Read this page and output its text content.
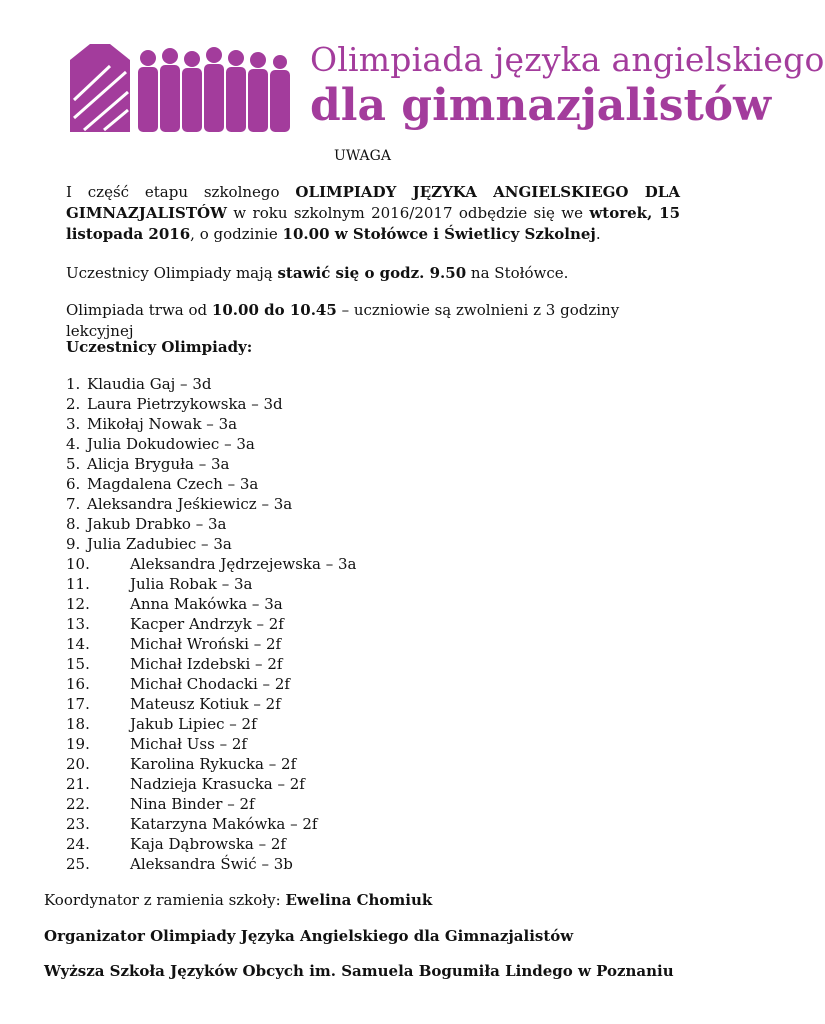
Olimpiada języka angielskiego
dla gimnazjalistów
UWAGA
I część etapu szkolnego OLIMPIADY JĘZYKA ANGIELSKIEGO DLA GIMNAZJALISTÓW w roku szkolnym 2016/2017 odbędzie się we wtorek, 15 listopada 2016, o godzinie 10.00 w Stołówce i Świetlicy Szkolnej.
Uczestnicy Olimpiady mają stawić się o godz. 9.50 na Stołówce.
Olimpiada trwa od 10.00 do 10.45 – uczniowie są zwolnieni z 3 godziny lekcyjnej
Uczestnicy Olimpiady:
1. Klaudia Gaj – 3d
2. Laura Pietrzykowska – 3d
3. Mikołaj Nowak – 3a
4. Julia Dokudowiec – 3a
5. Alicja Bryguła – 3a
6. Magdalena Czech – 3a
7. Aleksandra Jeśkiewicz – 3a
8. Jakub Drabko – 3a
9. Julia Zadubiec – 3a
10.	Aleksandra Jędrzejewska – 3a
11.	Julia Robak – 3a
12.	Anna Makówka – 3a
13.	Kacper Andrzyk – 2f
14.	Michał Wroński – 2f
15.	Michał Izdebski – 2f
16.	Michał Chodacki – 2f
17.	Mateusz Kotiuk – 2f
18.	Jakub Lipiec – 2f
19.	Michał Uss – 2f
20.	Karolina Rykucka – 2f
21.	Nadzieja Krasucka – 2f
22.	Nina Binder – 2f
23.	Katarzyna Makówka – 2f
24.	Kaja Dąbrowska – 2f
25.	Aleksandra Świć – 3b
Koordynator z ramienia szkoły: Ewelina Chomiuk
Organizator Olimpiady Języka Angielskiego dla Gimnazjalistów
Wyższa Szkoła Języków Obcych im. Samuela Bogumiła Lindego w Poznaniu
